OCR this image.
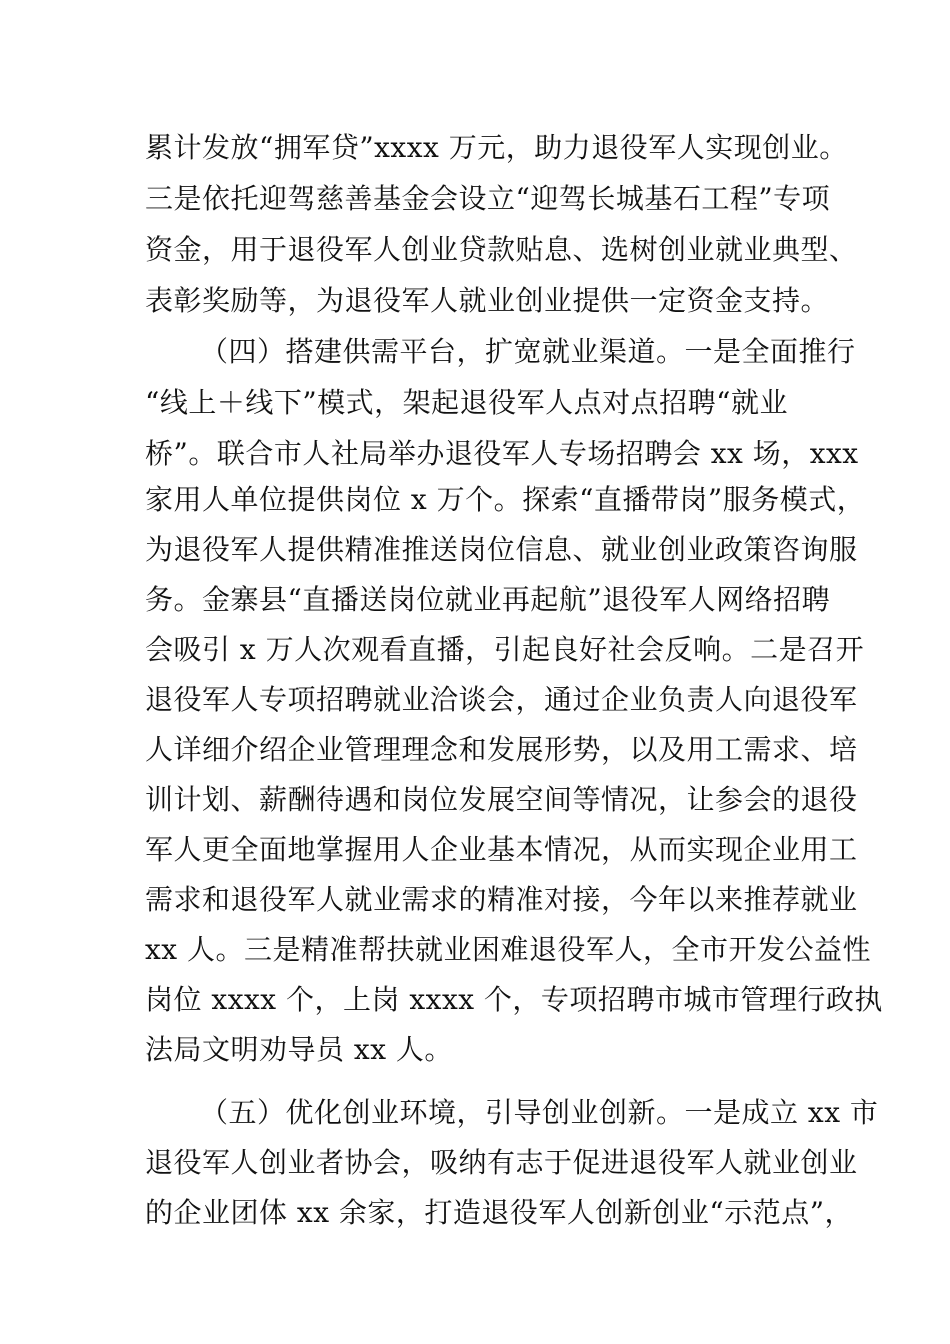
累计发放“拥军贷”xxxx 万元，助力退役军人实现创业。
三是依托迎驾慈善基金会设立“迎驾长城基石工程”专项
资金，用于退役军人创业贷款贴息、选树创业就业典型、
表彰奖励等，为退役军人就业创业提供一定资金支持。
（四）搭建供需平台，扩宽就业渠道。一是全面推行
“线上＋线下”模式，架起退役军人点对点招聘“就业
桥”。联合市人社局举办退役军人专场招聘会 xx 场，xxx
家用人单位提供岗位 x 万个。探索“直播带岗”服务模式，
为退役军人提供精准推送岗位信息、就业创业政策咨询服
务。金寨县“直播送岗位就业再起航”退役军人网络招聘
会吸引 x 万人次观看直播，引起良好社会反响。二是召开
退役军人专项招聘就业洽谈会，通过企业负责人向退役军
人详细介绍企业管理理念和发展形势，以及用工需求、培
训计划、薪酬待遇和岗位发展空间等情况，让参会的退役
军人更全面地掌握用人企业基本情况，从而实现企业用工
需求和退役军人就业需求的精准对接，今年以来推荐就业
xx 人。三是精准帮扶就业困难退役军人，全市开发公益性
岗位 xxxx 个，上岗 xxxx 个，专项招聘市城市管理行政执
法局文明劝导员 xx 人。
（五）优化创业环境，引导创业创新。一是成立 xx 市
退役军人创业者协会，吸纳有志于促进退役军人就业创业
的企业团体 xx 余家，打造退役军人创新创业“示范点”，
